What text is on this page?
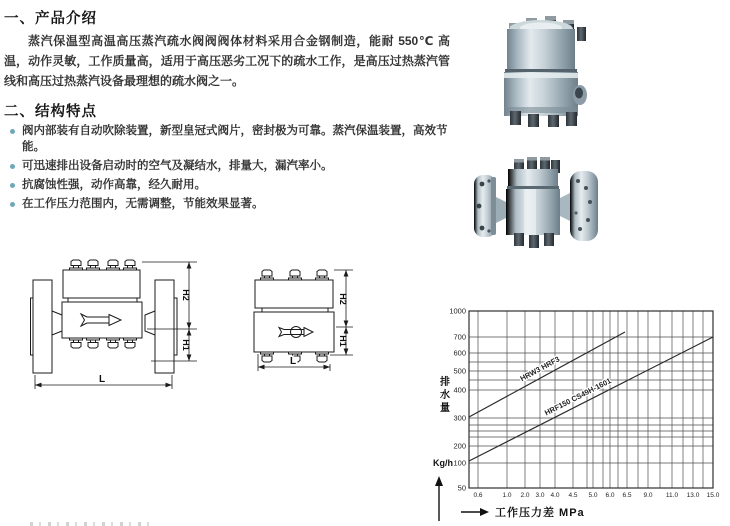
一、产品介绍

蒸汽保温型高温高压蒸汽疏水阀阀阀体材料采用合金钢制造，能耐 550℃ 高温，动作灵敏，工作质量高，适用于高压恶劣工况下的疏水工作，是高压过热蒸汽管线和高压过热蒸汽设备最理想的疏水阀之一。

二、结构特点
阀内部装有自动吹除装置，新型皇冠式阀片，密封极为可靠。蒸汽保温装置，高效节能。
可迅速排出设备启动时的空气及凝结水，排量大，漏汽率小。
抗腐蚀性强，动作高靠，经久耐用。
在工作压力范围内，无需调整，节能效果显著。
H2
H1
L
H2
H1
L	HRW3 HRF3
HRF150 CS49H-1601
0.6	1.0 2.0 3.0 4.0 4.5 5.0 6.0 6.5 9.0 11.0 13.0 15.0
1000
700
600
500
400
300
200
100
50
排
水
量
Kg/h
工作压力差 MPa
